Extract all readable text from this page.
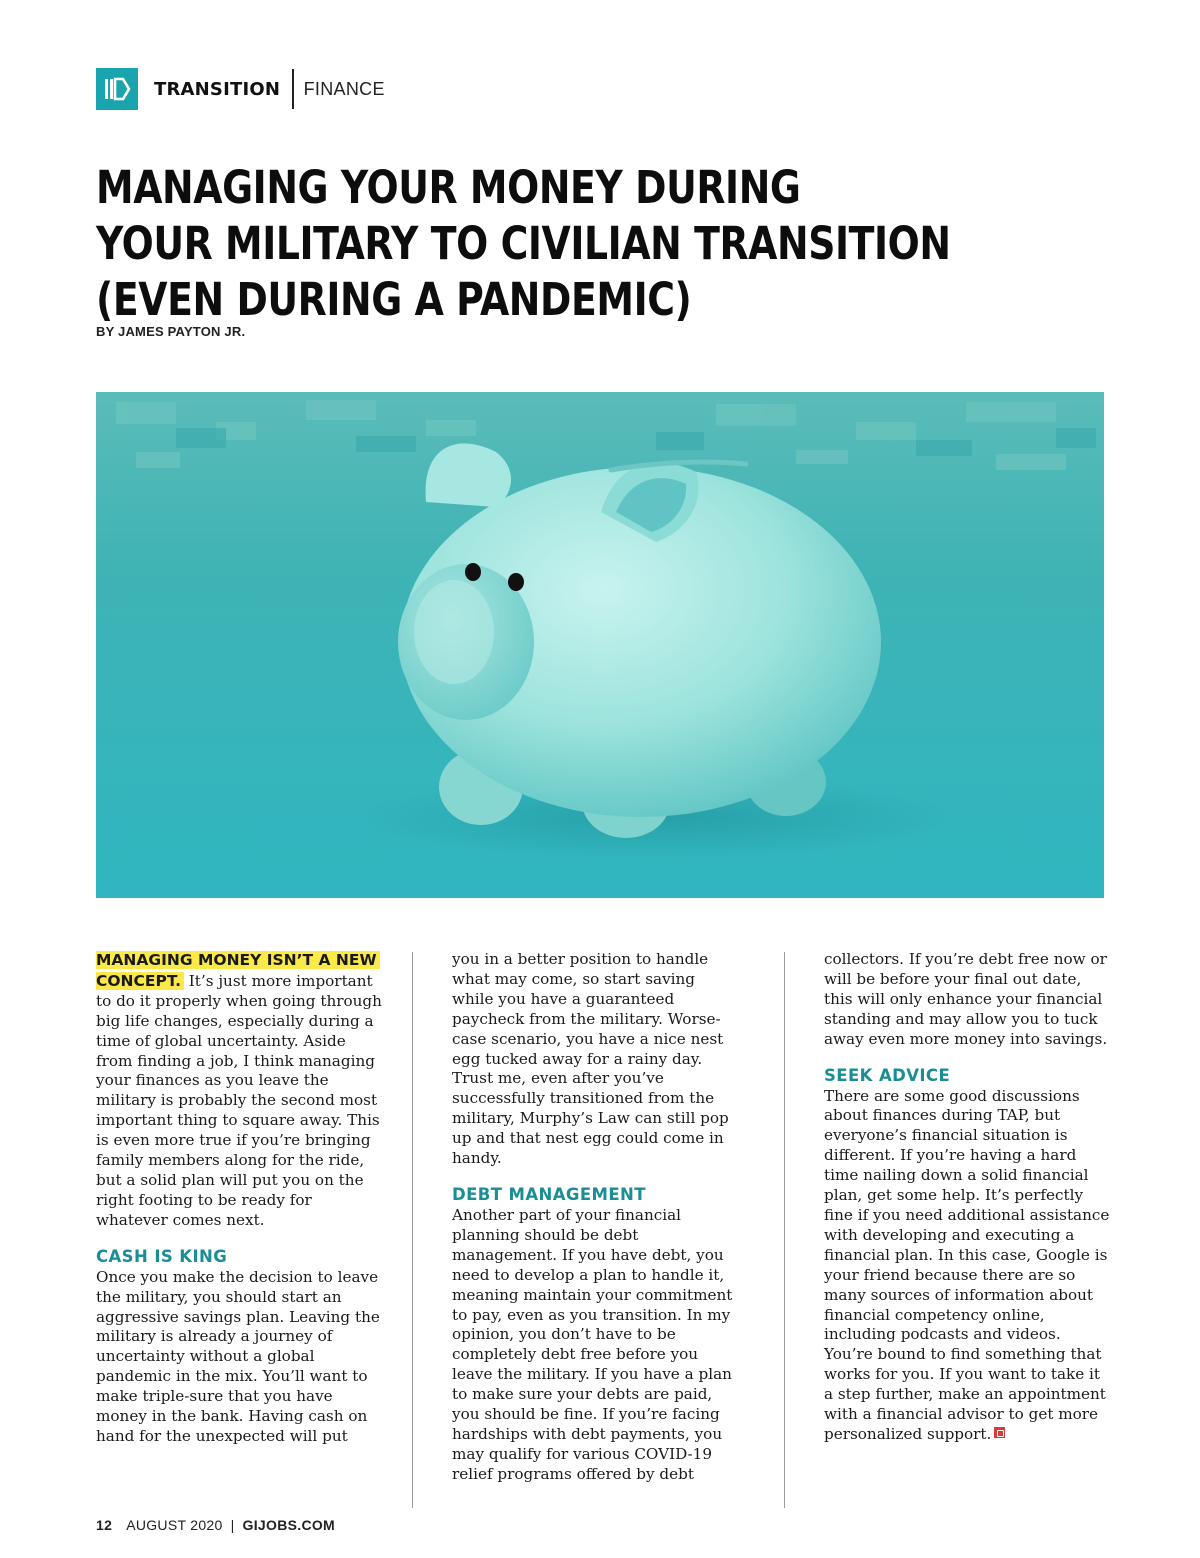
TRANSITION FINANCE
MANAGING YOUR MONEY DURING
YOUR MILITARY TO CIVILIAN TRANSITION
(EVEN DURING A PANDEMIC)
BY JAMES PAYTON JR.

MANAGING MONEY ISN’T A NEW CONCEPT. It’s just more important to do it properly when going through big life changes, especially during a time of global uncertainty. Aside from finding a job, I think managing your finances as you leave the military is probably the second most important thing to square away. This is even more true if you’re bringing family members along for the ride, but a solid plan will put you on the right footing to be ready for whatever comes next.

CASH IS KING

Once you make the decision to leave the military, you should start an aggressive savings plan. Leaving the military is already a journey of uncertainty without a global pandemic in the mix. You’ll want to make triple-sure that you have money in the bank. Having cash on hand for the unexpected will put

you in a better position to handle what may come, so start saving while you have a guaranteed paycheck from the military. Worse-case scenario, you have a nice nest egg tucked away for a rainy day. Trust me, even after you’ve successfully transitioned from the military, Murphy’s Law can still pop up and that nest egg could come in handy.

DEBT MANAGEMENT

Another part of your financial planning should be debt management. If you have debt, you need to develop a plan to handle it, meaning maintain your commitment to pay, even as you transition. In my opinion, you don’t have to be completely debt free before you leave the military. If you have a plan to make sure your debts are paid, you should be fine. If you’re facing hardships with debt payments, you may qualify for various COVID-19 relief programs offered by debt

collectors. If you’re debt free now or will be before your final out date, this will only enhance your financial standing and may allow you to tuck away even more money into savings.

SEEK ADVICE

There are some good discussions about finances during TAP, but everyone’s financial situation is different. If you’re having a hard time nailing down a solid financial plan, get some help. It’s perfectly fine if you need additional assistance with developing and executing a financial plan. In this case, Google is your friend because there are so many sources of information about financial competency online, including podcasts and videos. You’re bound to find something that works for you. If you want to take it a step further, make an appointment with a financial advisor to get more personalized support.

12 AUGUST 2020 | GIJOBS.COM
